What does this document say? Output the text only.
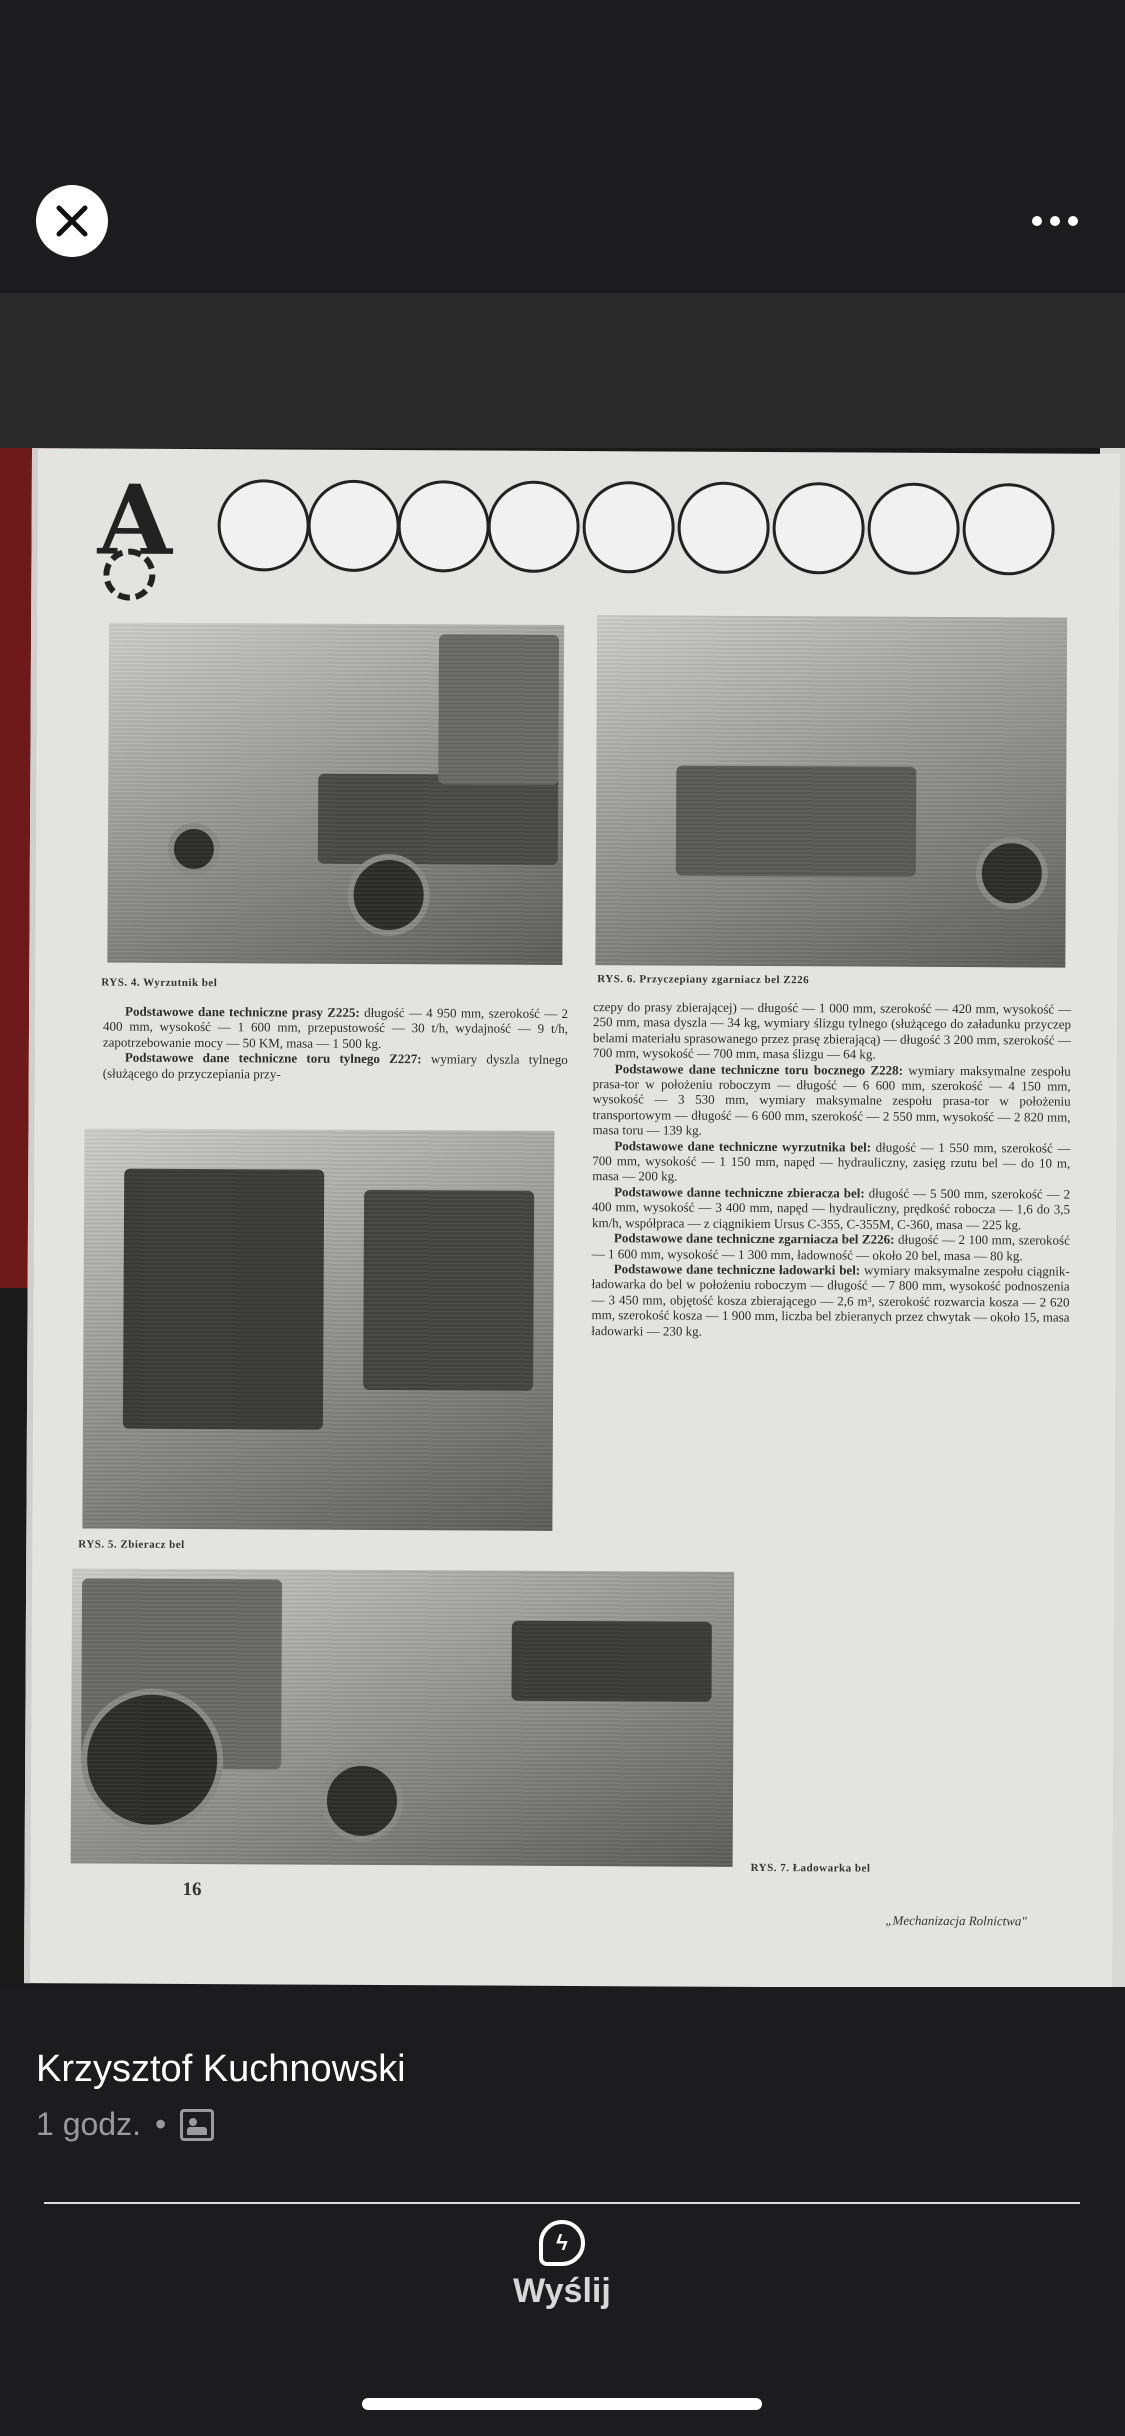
A
RYS. 4. Wyrzutnik bel	RYS. 6. Przyczepiany zgarniacz bel Z226

Podstawowe dane techniczne prasy Z225: długość — 4 950 mm, szerokość — 2 400 mm, wysokość — 1 600 mm, przepustowość — 30 t/h, wydajność — 9 t/h, zapotrzebowanie mocy — 50 KM, masa — 1 500 kg.

Podstawowe dane techniczne toru tylnego Z227: wymiary dyszla tylnego (służącego do przyczepiania przy-

RYS. 5. Zbieracz bel

czepy do prasy zbierającej) — długość — 1 000 mm, szerokość — 420 mm, wysokość — 250 mm, masa dyszla — 34 kg, wymiary ślizgu tylnego (służącego do załadunku przyczep belami materiału sprasowanego przez prasę zbierającą) — długość 3 200 mm, szerokość — 700 mm, wysokość — 700 mm, masa ślizgu — 64 kg.

Podstawowe dane techniczne toru bocznego Z228: wymiary maksymalne zespołu prasa-tor w położeniu roboczym — długość — 6 600 mm, szerokość — 4 150 mm, wysokość — 3 530 mm, wymiary maksymalne zespołu prasa-tor w położeniu transportowym — długość — 6 600 mm, szerokość — 2 550 mm, wysokość — 2 820 mm, masa toru — 139 kg.

Podstawowe dane techniczne wyrzutnika bel: długość — 1 550 mm, szerokość — 700 mm, wysokość — 1 150 mm, napęd — hydrauliczny, zasięg rzutu bel — do 10 m, masa — 200 kg.

Podstawowe danne techniczne zbieracza bel: długość — 5 500 mm, szerokość — 2 400 mm, wysokość — 3 400 mm, napęd — hydrauliczny, prędkość robocza — 1,6 do 3,5 km/h, współpraca — z ciągnikiem Ursus C-355, C-355M, C-360, masa — 225 kg.

Podstawowe dane techniczne zgarniacza bel Z226: długość — 2 100 mm, szerokość — 1 600 mm, wysokość — 1 300 mm, ładowność — około 20 bel, masa — 80 kg.

Podstawowe dane techniczne ładowarki bel: wymiary maksymalne zespołu ciągnik-ładowarka do bel w położeniu roboczym — długość — 7 800 mm, wysokość podnoszenia — 3 450 mm, objętość kosza zbierającego — 2,6 m³, szerokość rozwarcia kosza — 2 620 mm, szerokość kosza — 1 900 mm, liczba bel zbieranych przez chwytak — około 15, masa ładowarki — 230 kg.

RYS. 7. Ładowarka bel
16
„Mechanizacja Rolnictwa"
Krzysztof Kuchnowski
1 godz. •
ϟ
Wyślij
